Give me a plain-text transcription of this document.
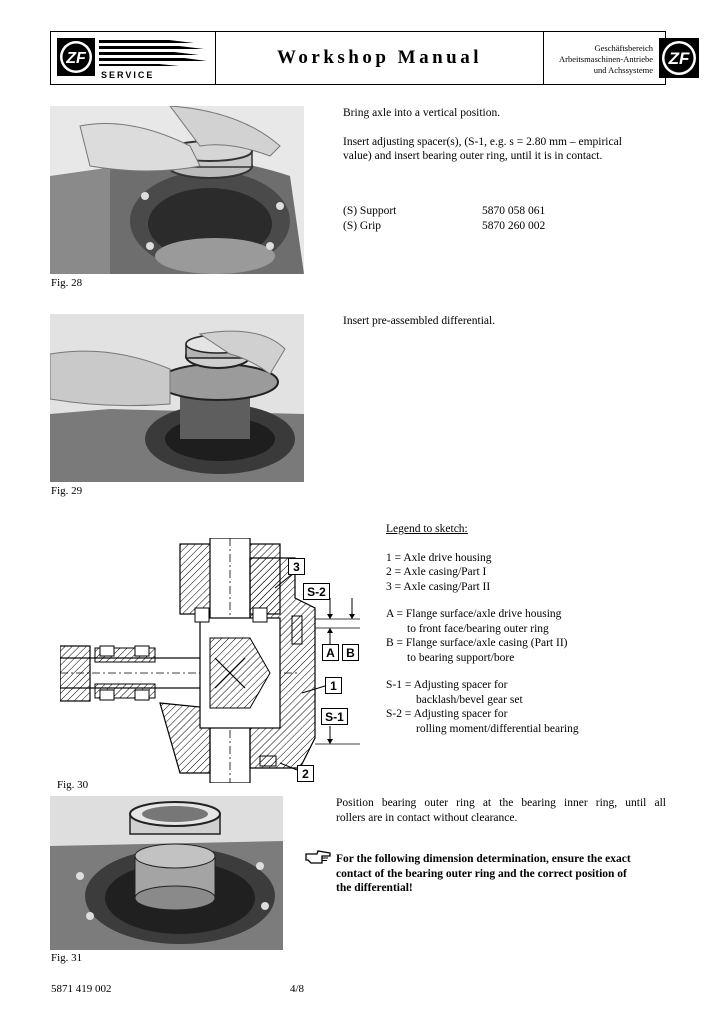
ZF
SERVICE
Workshop Manual	Geschäftsbereich
Arbeitsmaschinen-Antriebe
und Achssysteme
ZF
Fig. 28

Bring axle into a vertical position.

Insert adjusting spacer(s), (S-1, e.g. s = 2.80 mm – empirical

value) and insert bearing outer ring, until it is in contact.

(S) Support	5870 058 061
(S) Grip	5870 260 002
Fig. 29

Insert pre-assembled differential.

3
S-2
A B
1
S-1
2
Fig. 30
Legend to sketch:
1 = Axle drive housing
2 = Axle casing/Part I
3 = Axle casing/Part II
A = Flange surface/axle drive housing
to front face/bearing outer ring
B = Flange surface/axle casing (Part II)
to bearing support/bore
S-1 = Adjusting spacer for
backlash/bevel gear set
S-2 = Adjusting spacer for
rolling moment/differential bearing
Fig. 31

Position bearing outer ring at the bearing inner ring, until all

rollers are in contact without clearance.

For the following dimension determination, ensure the exact

contact of the bearing outer ring and the correct position of

the differential!

5871 419 002	4/8
